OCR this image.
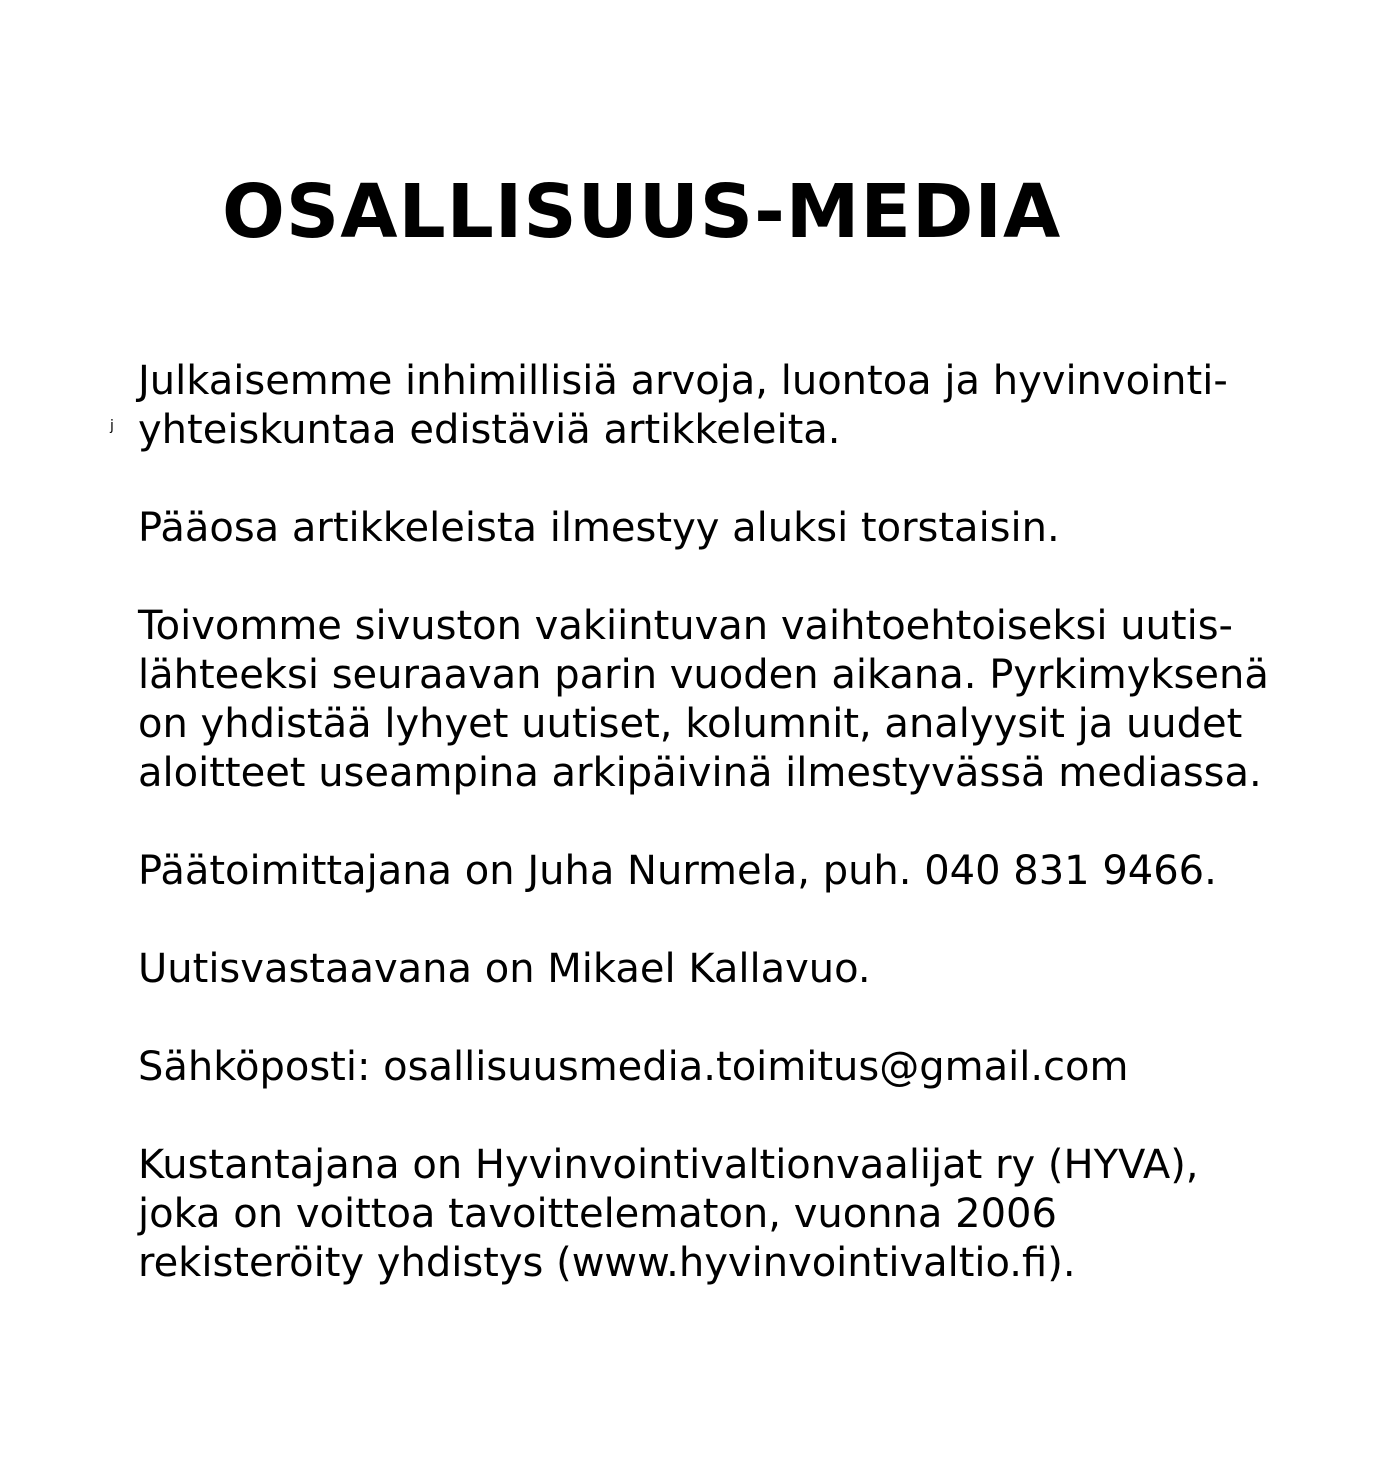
OSALLISUUS-MEDIA
j

Julkaisemme inhimillisiä arvoja, luontoa ja hyvinvointi-
yhteiskuntaa edistäviä artikkeleita.

Pääosa artikkeleista ilmestyy aluksi torstaisin.

Toivomme sivuston vakiintuvan vaihtoehtoiseksi uutis-
lähteeksi seuraavan parin vuoden aikana. Pyrkimyksenä
on yhdistää lyhyet uutiset, kolumnit, analyysit ja uudet
aloitteet useampina arkipäivinä ilmestyvässä mediassa.

Päätoimittajana on Juha Nurmela, puh. 040 831 9466.

Uutisvastaavana on Mikael Kallavuo.

Sähköposti: osallisuusmedia.toimitus@gmail.com

Kustantajana on Hyvinvointivaltionvaalijat ry (HYVA),
joka on voittoa tavoittelematon, vuonna 2006
rekisteröity yhdistys (www.hyvinvointivaltio.fi).
